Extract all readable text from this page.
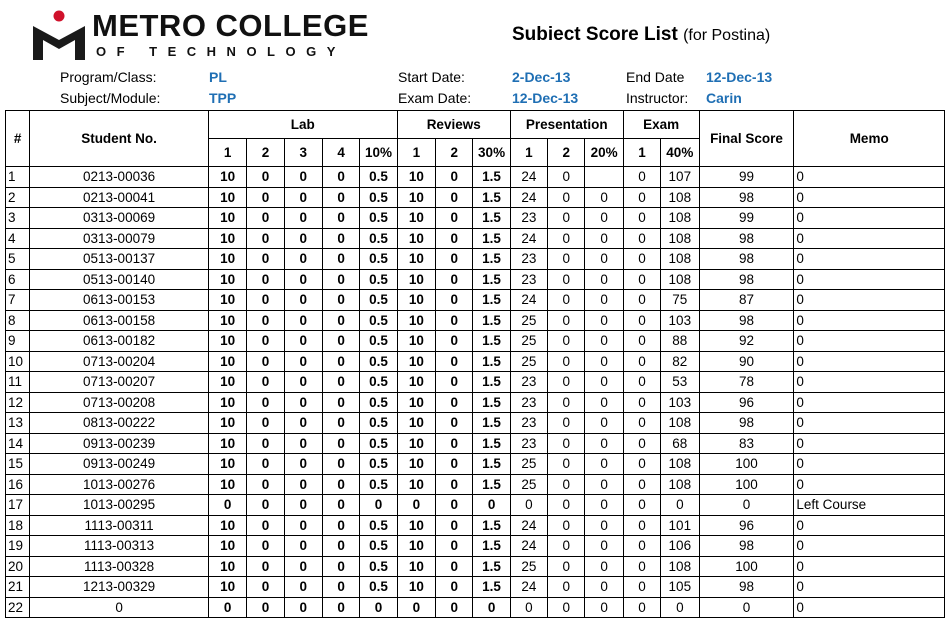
METRO COLLEGE
OF TECHNOLOGY
Subiect Score List (for Postina)
Program/Class:	PL
Subject/Module:	TPP
Start Date:	2-Dec-13
Exam Date:	12-Dec-13
End Date 12-Dec-13
Instructor: Carin
#	Student No.	Lab					Reviews			Presentation			Exam		Final Score	Memo
		1	2	3	4	10%	1	2	30%	1	2	20%	1	40%		
1	0213-00036	10	0	0	0	0.5	10	0	1.5	24	0		0	107	99	0
2	0213-00041	10	0	0	0	0.5	10	0	1.5	24	0	0	0	108	98	0
3	0313-00069	10	0	0	0	0.5	10	0	1.5	23	0	0	0	108	99	0
4	0313-00079	10	0	0	0	0.5	10	0	1.5	24	0	0	0	108	98	0
5	0513-00137	10	0	0	0	0.5	10	0	1.5	23	0	0	0	108	98	0
6	0513-00140	10	0	0	0	0.5	10	0	1.5	23	0	0	0	108	98	0
7	0613-00153	10	0	0	0	0.5	10	0	1.5	24	0	0	0	75	87	0
8	0613-00158	10	0	0	0	0.5	10	0	1.5	25	0	0	0	103	98	0
9	0613-00182	10	0	0	0	0.5	10	0	1.5	25	0	0	0	88	92	0
10	0713-00204	10	0	0	0	0.5	10	0	1.5	25	0	0	0	82	90	0
11	0713-00207	10	0	0	0	0.5	10	0	1.5	23	0	0	0	53	78	0
12	0713-00208	10	0	0	0	0.5	10	0	1.5	23	0	0	0	103	96	0
13	0813-00222	10	0	0	0	0.5	10	0	1.5	23	0	0	0	108	98	0
14	0913-00239	10	0	0	0	0.5	10	0	1.5	23	0	0	0	68	83	0
15	0913-00249	10	0	0	0	0.5	10	0	1.5	25	0	0	0	108	100	0
16	1013-00276	10	0	0	0	0.5	10	0	1.5	25	0	0	0	108	100	0
17	1013-00295	0	0	0	0	0	0	0	0	0	0	0	0	0	0	Left Course
18	1113-00311	10	0	0	0	0.5	10	0	1.5	24	0	0	0	101	96	0
19	1113-00313	10	0	0	0	0.5	10	0	1.5	24	0	0	0	106	98	0
20	1113-00328	10	0	0	0	0.5	10	0	1.5	25	0	0	0	108	100	0
21	1213-00329	10	0	0	0	0.5	10	0	1.5	24	0	0	0	105	98	0
22	0	0	0	0	0	0	0	0	0	0	0	0	0	0	0	0
